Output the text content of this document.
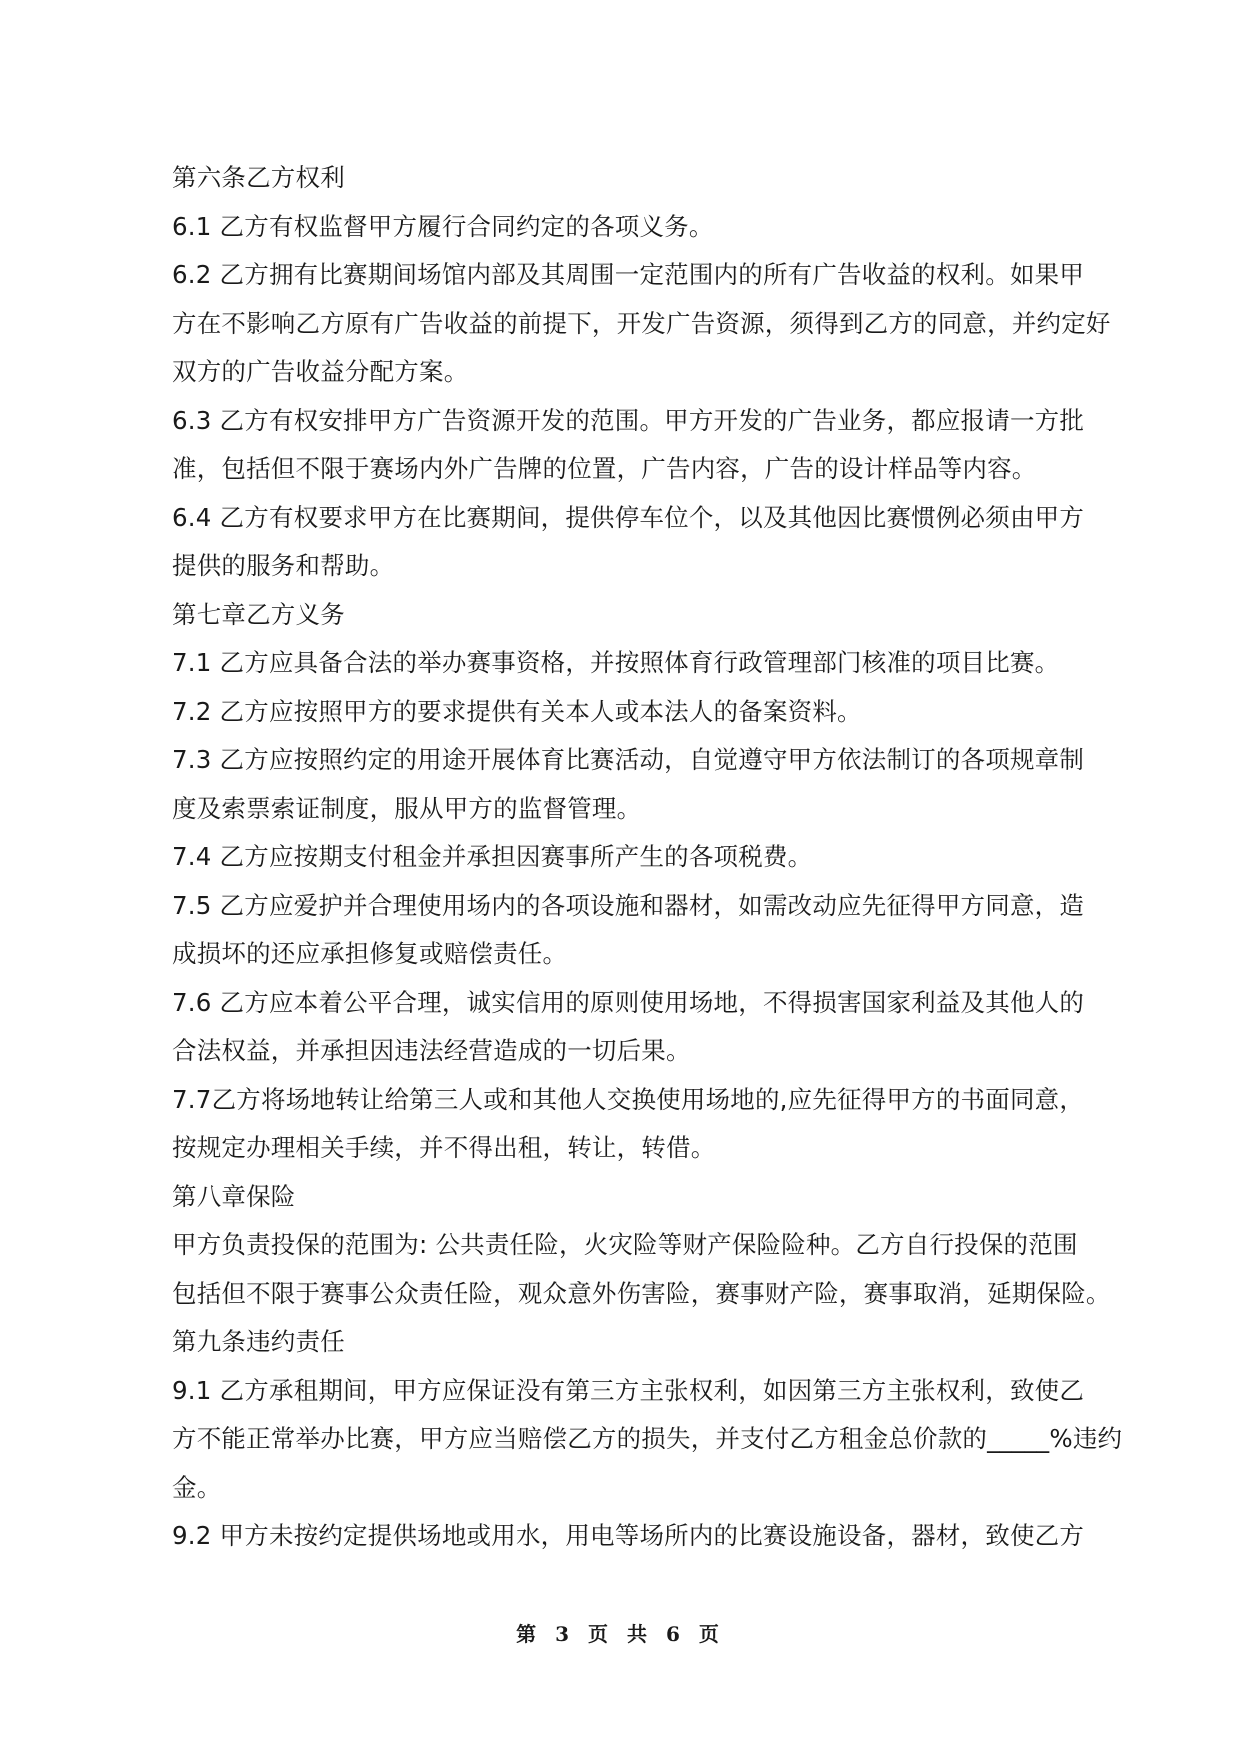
第六条乙方权利
6.1 乙方有权监督甲方履行合同约定的各项义务。
6.2 乙方拥有比赛期间场馆内部及其周围一定范围内的所有广告收益的权利。如果甲
方在不影响乙方原有广告收益的前提下，开发广告资源，须得到乙方的同意，并约定好
双方的广告收益分配方案。
6.3 乙方有权安排甲方广告资源开发的范围。甲方开发的广告业务，都应报请一方批
准，包括但不限于赛场内外广告牌的位置，广告内容，广告的设计样品等内容。
6.4 乙方有权要求甲方在比赛期间，提供停车位个，以及其他因比赛惯例必须由甲方
提供的服务和帮助。
第七章乙方义务
7.1 乙方应具备合法的举办赛事资格，并按照体育行政管理部门核准的项目比赛。
7.2 乙方应按照甲方的要求提供有关本人或本法人的备案资料。
7.3 乙方应按照约定的用途开展体育比赛活动，自觉遵守甲方依法制订的各项规章制
度及索票索证制度，服从甲方的监督管理。
7.4 乙方应按期支付租金并承担因赛事所产生的各项税费。
7.5 乙方应爱护并合理使用场内的各项设施和器材，如需改动应先征得甲方同意，造
成损坏的还应承担修复或赔偿责任。
7.6 乙方应本着公平合理，诚实信用的原则使用场地，不得损害国家利益及其他人的
合法权益，并承担因违法经营造成的一切后果。
7.7乙方将场地转让给第三人或和其他人交换使用场地的,应先征得甲方的书面同意，
按规定办理相关手续，并不得出租，转让，转借。
第八章保险
甲方负责投保的范围为: 公共责任险，火灾险等财产保险险种。乙方自行投保的范围
包括但不限于赛事公众责任险，观众意外伤害险，赛事财产险，赛事取消，延期保险。
第九条违约责任
9.1 乙方承租期间，甲方应保证没有第三方主张权利，如因第三方主张权利，致使乙
方不能正常举办比赛，甲方应当赔偿乙方的损失，并支付乙方租金总价款的_____%违约
金。
9.2 甲方未按约定提供场地或用水，用电等场所内的比赛设施设备，器材，致使乙方
第 3 页 共 6 页
